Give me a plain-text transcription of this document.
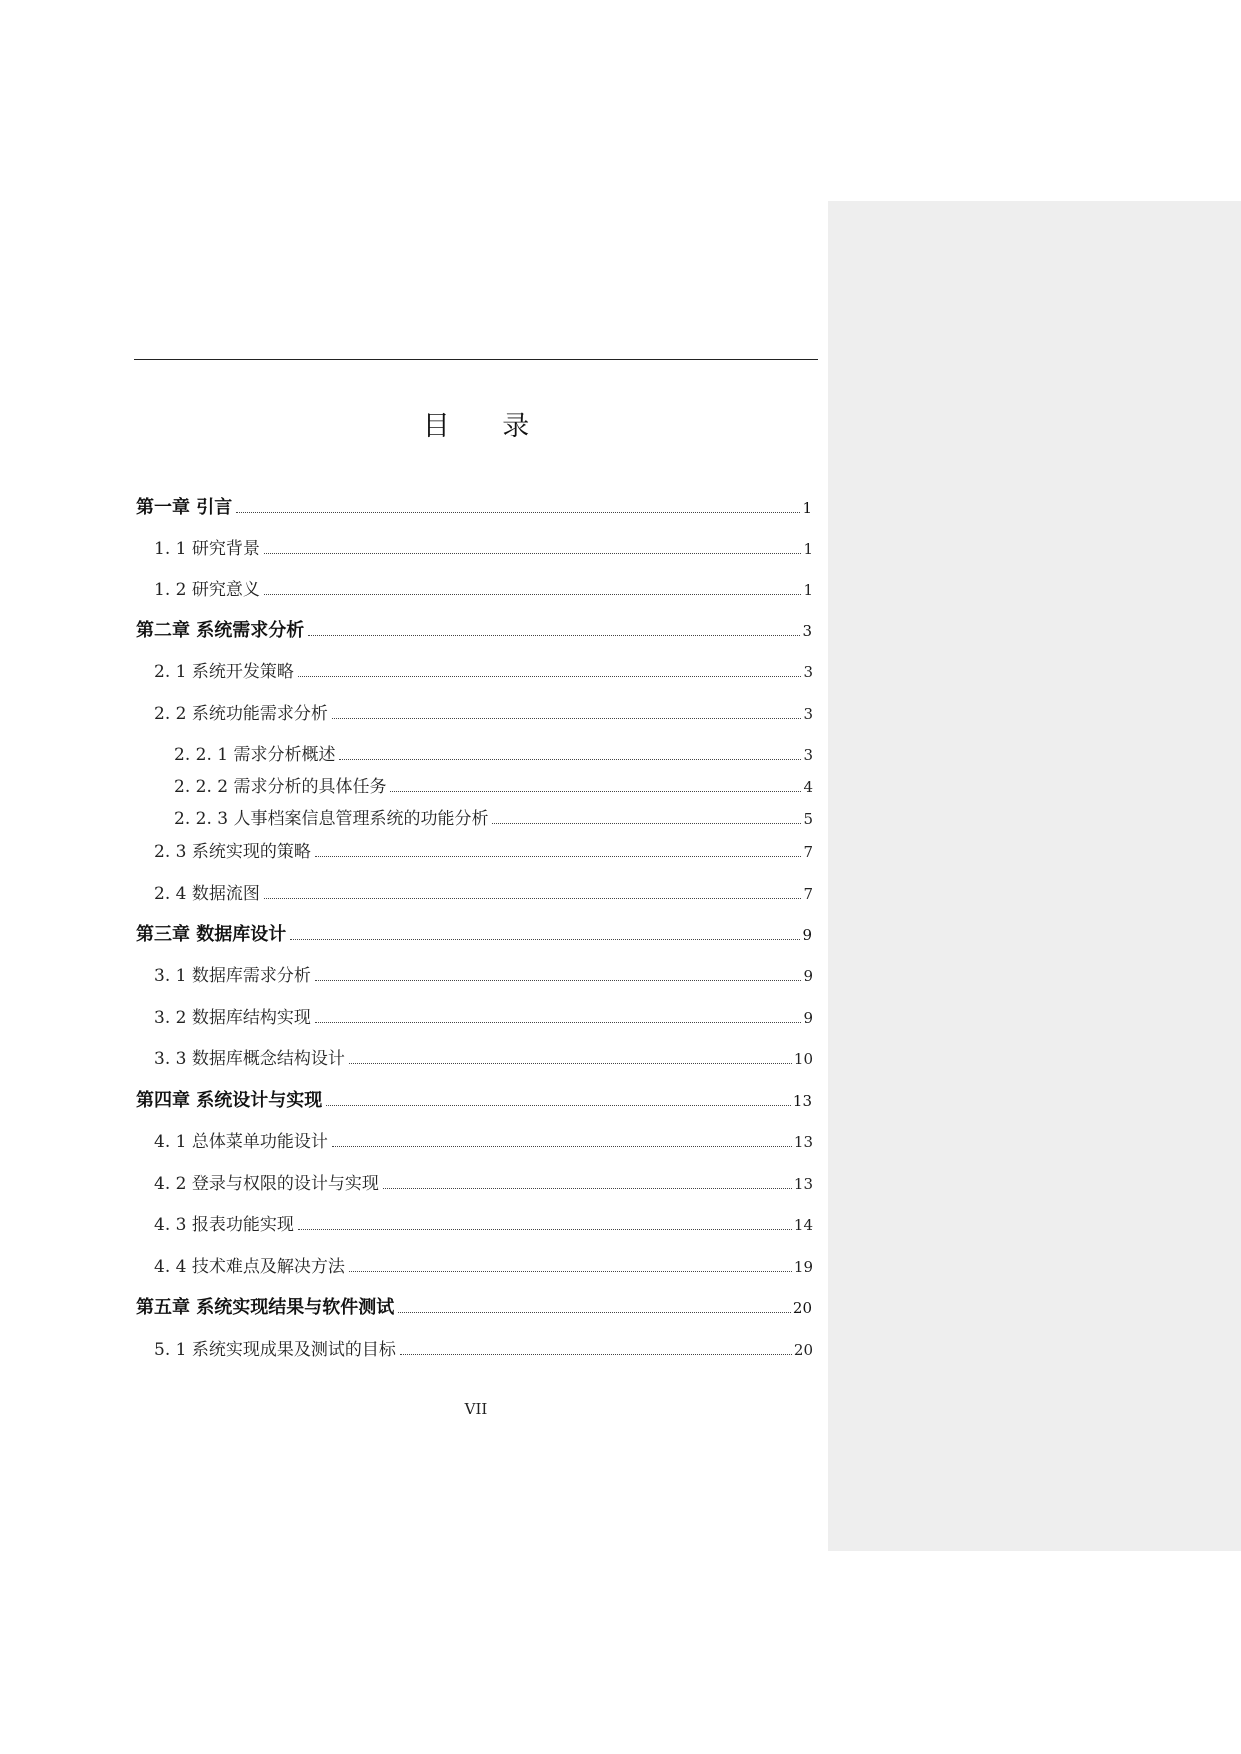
目 录
第一章 引言	1
1. 1 研究背景	1
1. 2 研究意义	1
第二章 系统需求分析	3
2. 1 系统开发策略	3
2. 2 系统功能需求分析	3
2. 2. 1 需求分析概述	3
2. 2. 2 需求分析的具体任务	4
2. 2. 3 人事档案信息管理系统的功能分析	5
2. 3 系统实现的策略	7
2. 4 数据流图	7
第三章 数据库设计	9
3. 1 数据库需求分析	9
3. 2 数据库结构实现	9
3. 3 数据库概念结构设计	10
第四章 系统设计与实现	13
4. 1 总体菜单功能设计	13
4. 2 登录与权限的设计与实现	13
4. 3 报表功能实现	14
4. 4 技术难点及解决方法	19
第五章 系统实现结果与软件测试	20
5. 1 系统实现成果及测试的目标	20
VII
